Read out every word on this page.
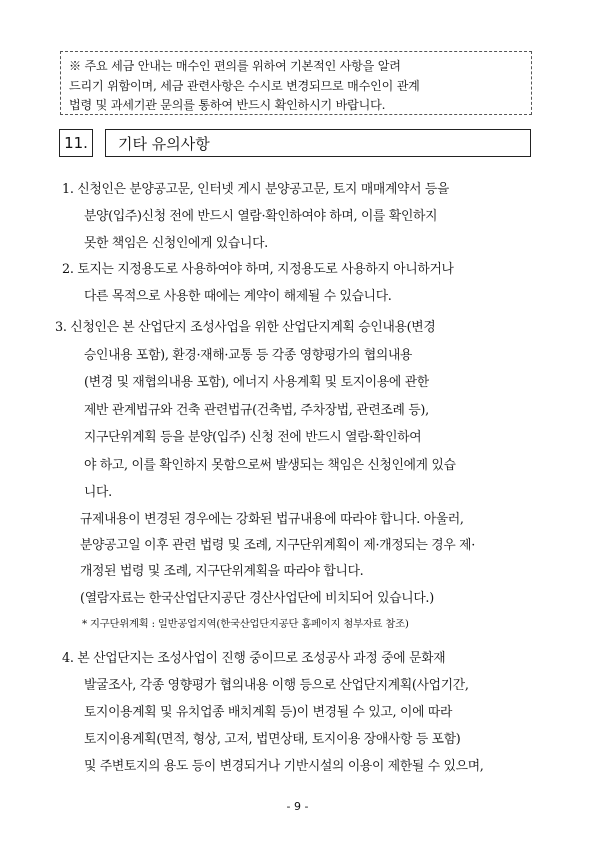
※ 주요 세금 안내는 매수인 편의를 위하여 기본적인 사항을 알려
드리기 위함이며, 세금 관련사항은 수시로 변경되므로 매수인이 관계
법령 및 과세기관 문의를 통하여 반드시 확인하시기 바랍니다.
11.	기타 유의사항
1. 신청인은 분양공고문, 인터넷 게시 분양공고문, 토지 매매계약서 등을
분양(입주)신청 전에 반드시 열람·확인하여야 하며, 이를 확인하지
못한 책임은 신청인에게 있습니다.
2. 토지는 지정용도로 사용하여야 하며, 지정용도로 사용하지 아니하거나
다른 목적으로 사용한 때에는 계약이 해제될 수 있습니다.
3. 신청인은 본 산업단지 조성사업을 위한 산업단지계획 승인내용(변경
승인내용 포함), 환경·재해·교통 등 각종 영향평가의 협의내용
(변경 및 재협의내용 포함), 에너지 사용계획 및 토지이용에 관한
제반 관계법규와 건축 관련법규(건축법, 주차장법, 관련조례 등),
지구단위계획 등을 분양(입주) 신청 전에 반드시 열람·확인하여
야 하고, 이를 확인하지 못함으로써 발생되는 책임은 신청인에게 있습
니다.
규제내용이 변경된 경우에는 강화된 법규내용에 따라야 합니다. 아울러,
분양공고일 이후 관련 법령 및 조례, 지구단위계획이 제·개정되는 경우 제·
개정된 법령 및 조례, 지구단위계획을 따라야 합니다.
(열람자료는 한국산업단지공단 경산사업단에 비치되어 있습니다.)
* 지구단위계획 : 일반공업지역(한국산업단지공단 홈페이지 첨부자료 참조)
4. 본 산업단지는 조성사업이 진행 중이므로 조성공사 과정 중에 문화재
발굴조사, 각종 영향평가 협의내용 이행 등으로 산업단지계획(사업기간,
토지이용계획 및 유치업종 배치계획 등)이 변경될 수 있고, 이에 따라
토지이용계획(면적, 형상, 고저, 법면상태, 토지이용 장애사항 등 포함)
및 주변토지의 용도 등이 변경되거나 기반시설의 이용이 제한될 수 있으며,
- 9 -
